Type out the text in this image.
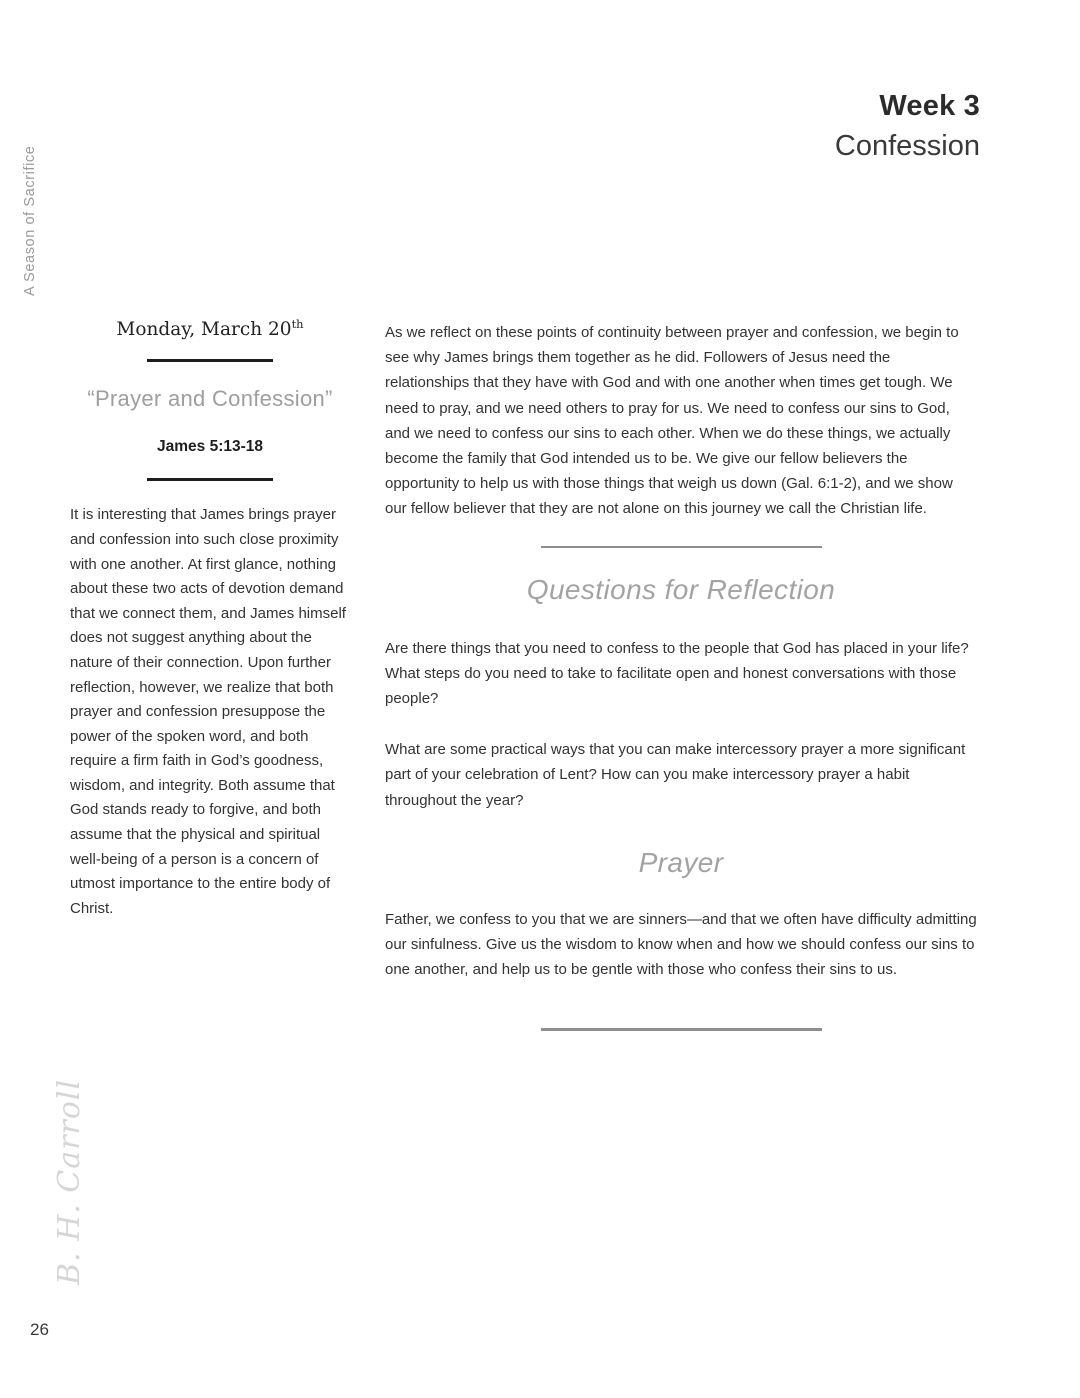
A Season of Sacrifice
B. H. Carroll
26
Week 3
Confession
Monday, March 20th
“Prayer and Confession”
James 5:13-18
It is interesting that James brings prayer and confession into such close proximity with one another. At first glance, nothing about these two acts of devotion demand that we connect them, and James himself does not suggest anything about the nature of their connection. Upon further reflection, however, we realize that both prayer and confession presuppose the power of the spoken word, and both require a firm faith in God’s goodness, wisdom, and integrity. Both assume that God stands ready to forgive, and both assume that the physical and spiritual well-being of a person is a concern of utmost importance to the entire body of Christ.

As we reflect on these points of continuity between prayer and confession, we begin to see why James brings them together as he did. Followers of Jesus need the relationships that they have with God and with one another when times get tough. We need to pray, and we need others to pray for us. We need to confess our sins to God, and we need to confess our sins to each other. When we do these things, we actually become the family that God intended us to be. We give our fellow believers the opportunity to help us with those things that weigh us down (Gal. 6:1-2), and we show our fellow believer that they are not alone on this journey we call the Christian life.

Questions for Reflection

Are there things that you need to confess to the people that God has placed in your life? What steps do you need to take to facilitate open and honest conversations with those people?

What are some practical ways that you can make intercessory prayer a more significant part of your celebration of Lent? How can you make intercessory prayer a habit throughout the year?

Prayer

Father, we confess to you that we are sinners—and that we often have difficulty admitting our sinfulness. Give us the wisdom to know when and how we should confess our sins to one another, and help us to be gentle with those who confess their sins to us.
